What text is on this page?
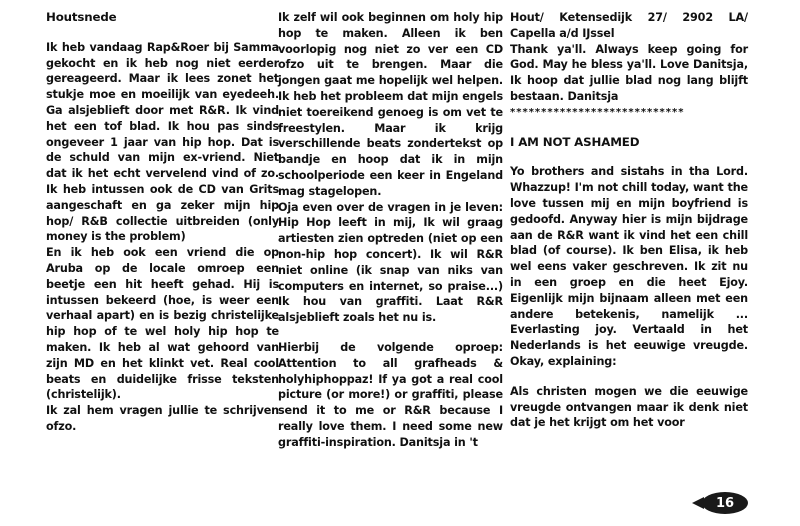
Houtsnede

Ik heb vandaag Rap&Roer bij Samma gekocht en ik heb nog niet eerder gereageerd. Maar ik lees zonet het stukje moe en moeilijk van eyedeeh. Ga alsjeblieft door met R&R. Ik vind het een tof blad. Ik hou pas sinds ongeveer 1 jaar van hip hop. Dat is de schuld van mijn ex-vriend. Niet dat ik het echt vervelend vind of zo. Ik heb intussen ook de CD van Grits aangeschaft en ga zeker mijn hip hop/ R&B collectie uitbreiden (only money is the problem)

En ik heb ook een vriend die op Aruba op de locale omroep een beetje een hit heeft gehad. Hij is intussen bekeerd (hoe, is weer een verhaal apart) en is bezig christelijke hip hop of te wel holy hip hop te maken. Ik heb al wat gehoord van zijn MD en het klinkt vet. Real cool beats en duidelijke frisse teksten (christelijk).

Ik zal hem vragen jullie te schrijven ofzo.

Ik zelf wil ook beginnen om holy hip hop te maken. Alleen ik ben voorlopig nog niet zo ver een CD ofzo uit te brengen. Maar die jongen gaat me hopelijk wel helpen. Ik heb het probleem dat mijn engels niet toereikend genoeg is om vet te freestylen. Maar ik krijg verschillende beats zondertekst op bandje en hoop dat ik in mijn schoolperiode een keer in Engeland mag stagelopen.

Oja even over de vragen in je leven: Hip Hop leeft in mij, Ik wil graag artiesten zien optreden (niet op een non-hip hop concert). Ik wil R&R niet online (ik snap van niks van computers en internet, so praise...) Ik hou van graffiti. Laat R&R alsjeblieft zoals het nu is.

Hierbij de volgende oproep: Attention to all grafheads & holyhiphoppaz! If ya got a real cool picture (or more!) or graffiti, please send it to me or R&R because I really love them. I need some new graffiti-inspiration. Danitsja in 't

Hout/ Ketensedijk 27/ 2902 LA/ Capella a/d IJssel

Thank ya'll. Always keep going for God. May he bless ya'll. Love Danitsja, Ik hoop dat jullie blad nog lang blijft bestaan. Danitsja

****************************

I AM NOT ASHAMED

Yo brothers and sistahs in tha Lord. Whazzup! I'm not chill today, want the love tussen mij en mijn boyfriend is gedoofd. Anyway hier is mijn bijdrage aan de R&R want ik vind het een chill blad (of course). Ik ben Elisa, ik heb wel eens vaker geschreven. Ik zit nu in een groep en die heet Ejoy. Eigenlijk mijn bijnaam alleen met een andere betekenis, namelijk ... Everlasting joy. Vertaald in het Nederlands is het eeuwige vreugde. Okay, explaining:

Als christen mogen we die eeuwige vreugde ontvangen maar ik denk niet dat je het krijgt om het voor

16
